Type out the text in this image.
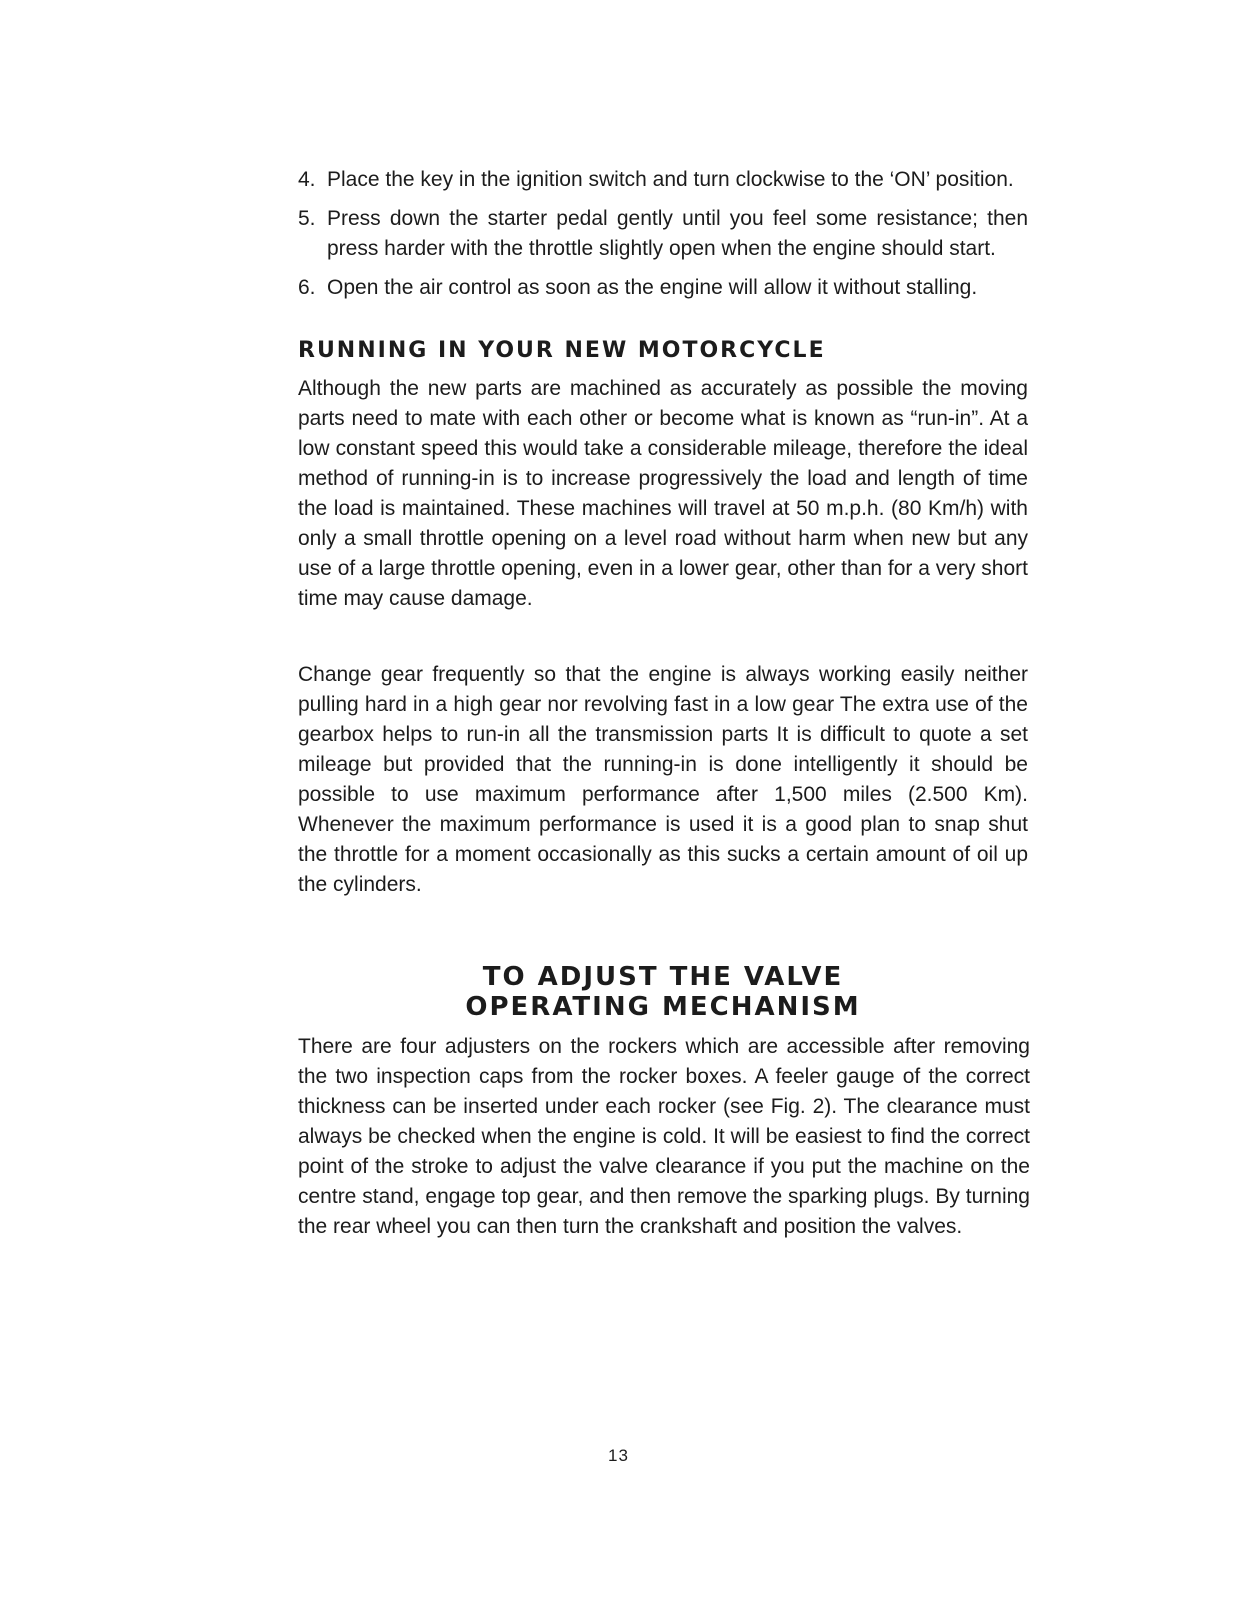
4. Place the key in the ignition switch and turn clockwise to the ‘ON’ position.
5. Press down the starter pedal gently until you feel some resistance; then press harder with the throttle slightly open when the engine should start.
6. Open the air control as soon as the engine will allow it without stalling.
RUNNING IN YOUR NEW MOTORCYCLE

Although the new parts are machined as accurately as possible the moving parts need to mate with each other or become what is known as “run-in”. At a low constant speed this would take a considerable mileage, therefore the ideal method of running-in is to increase progressively the load and length of time the load is maintained. These machines will travel at 50 m.p.h. (80 Km/h) with only a small throttle opening on a level road without harm when new but any use of a large throttle opening, even in a lower gear, other than for a very short time may cause damage.

Change gear frequently so that the engine is always working easily neither pulling hard in a high gear nor revolving fast in a low gear The extra use of the gearbox helps to run-in all the transmission parts It is difficult to quote a set mileage but provided that the running-in is done intelligently it should be possible to use maximum performance after 1,500 miles (2.500 Km). Whenever the maximum performance is used it is a good plan to snap shut the throttle for a moment occasionally as this sucks a certain amount of oil up the cylinders.

TO ADJUST THE VALVE
OPERATING MECHANISM

There are four adjusters on the rockers which are accessible after removing the two inspection caps from the rocker boxes. A feeler gauge of the correct thickness can be inserted under each rocker (see Fig. 2). The clearance must always be checked when the engine is cold. It will be easiest to find the correct point of the stroke to adjust the valve clearance if you put the machine on the centre stand, engage top gear, and then remove the sparking plugs. By turning the rear wheel you can then turn the crankshaft and position the valves.

13
